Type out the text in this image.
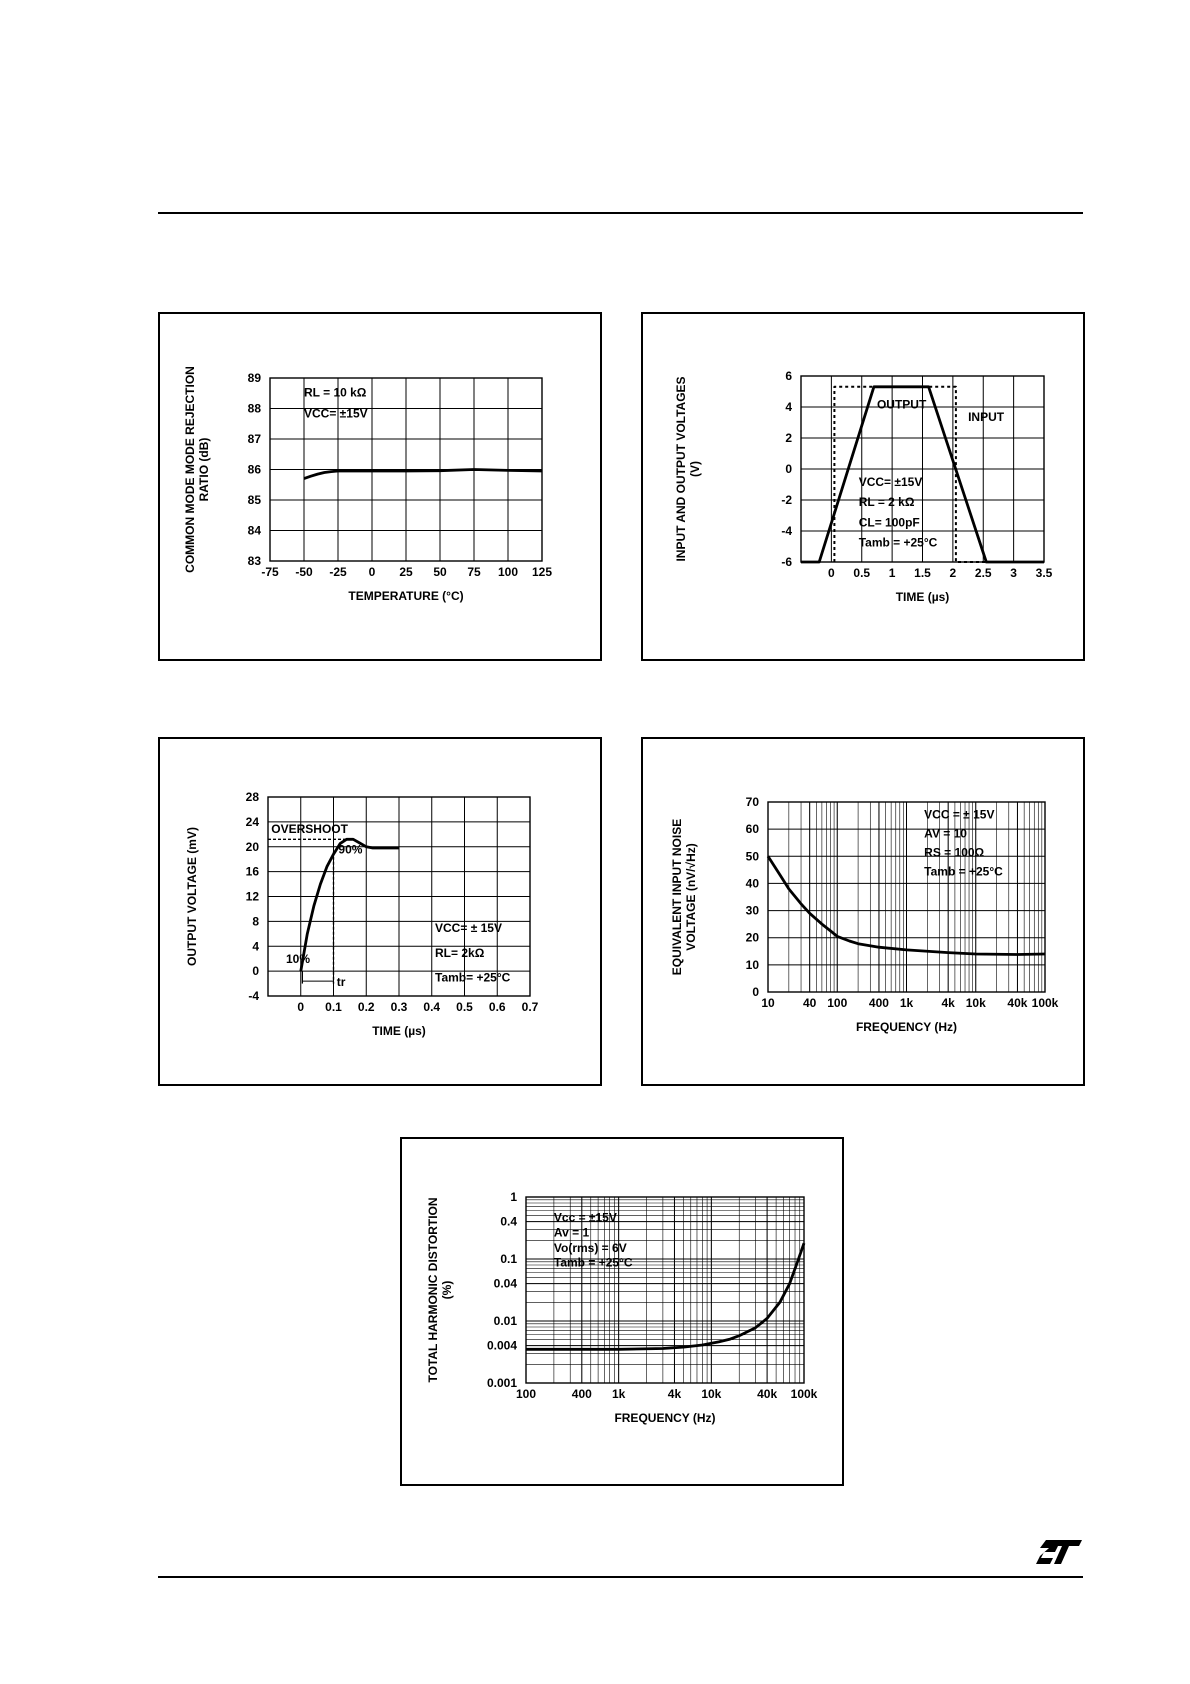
-75 -50 -25 0 25 50 75 100 125
83
84
85
86
87
88
89
TEMPERATURE (°C)
COMMON MODE MODE REJECTION RATIO (dB)
RL = 10 kΩ
VCC= ±15V
0 0.5 1 1.5 2 2.5 3 3.5
-6
-4
-2
0
2
4
6
TIME (µs)
INPUT AND OUTPUT VOLTAGES (V)
OUTPUT
INPUT
VCC= ±15V
RL = 2 kΩ
CL= 100pF
Tamb = +25°C
0 0.1 0.2 0.3 0.4 0.5 0.6 0.7
-4
0
4
8
12
16
20
24
28
TIME (µs)
OUTPUT VOLTAGE (mV)	OVERSHOOT
90%
10%
tr
VCC= ± 15V
RL= 2kΩ
Tamb= +25°C
10 40 100 400 1k 4k 10k 40k 100k
0
10
20
30
40
50
60
70
FREQUENCY (Hz)
EQUIVALENT INPUT NOISE VOLTAGE (nV/√Hz)
VCC = ± 15V
AV = 10
RS = 100Ω
Tamb = +25°C
100	400 1k	4k 10k	40k 100k
0.001
0.004
0.01
0.04
0.1
0.4
1
FREQUENCY (Hz)
TOTAL HARMONIC DISTORTION (%)
Vcc = ±15V
Av = 1
Vo(rms) = 6V
Tamb = +25°C
